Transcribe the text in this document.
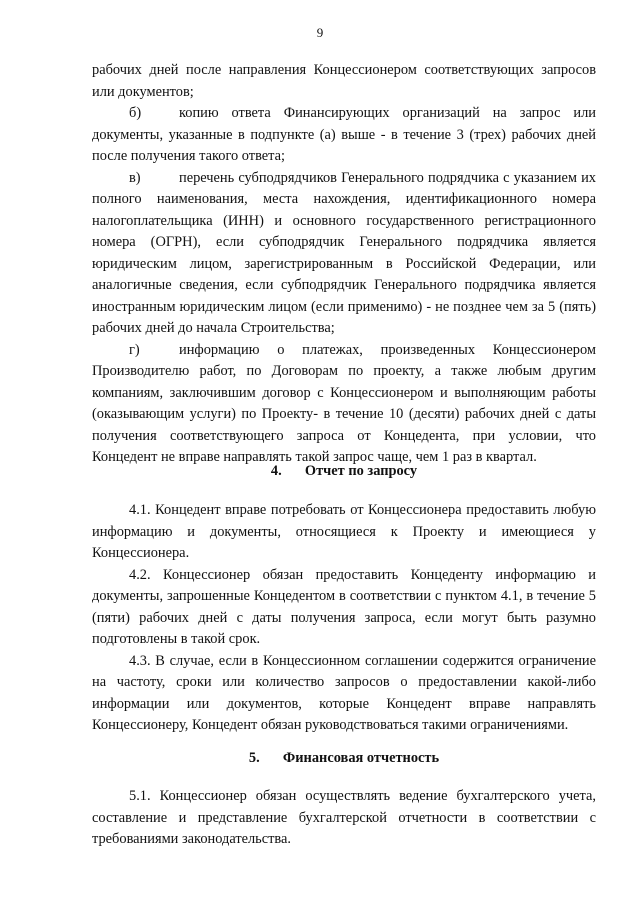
9

рабочих дней после направления Концессионером соответствующих запросов или документов;

б)	копию ответа Финансирующих организаций на запрос или документы, указанные в подпункте (а) выше - в течение 3 (трех) рабочих дней после получения такого ответа;

в)	перечень субподрядчиков Генерального подрядчика с указанием их полного наименования, места нахождения, идентификационного номера налогоплательщика (ИНН) и основного государственного регистрационного номера (ОГРН), если субподрядчик Генерального подрядчика является юридическим лицом, зарегистрированным в Российской Федерации, или аналогичные сведения, если субподрядчик Генерального подрядчика является иностранным юридическим лицом (если применимо) - не позднее чем за 5 (пять) рабочих дней до начала Строительства;

г)	информацию о платежах, произведенных Концессионером Производителю работ, по Договорам по проекту, а также любым другим компаниям, заключившим договор с Концессионером и выполняющим работы (оказывающим услуги) по Проекту- в течение 10 (десяти) рабочих дней с даты получения соответствующего запроса от Концедента, при условии, что Концедент не вправе направлять такой запрос чаще, чем 1 раз в квартал.

4. Отчет по запросу

4.1. Концедент вправе потребовать от Концессионера предоставить любую информацию и документы, относящиеся к Проекту и имеющиеся у Концессионера.

4.2. Концессионер обязан предоставить Концеденту информацию и документы, запрошенные Концедентом в соответствии с пунктом 4.1, в течение 5 (пяти) рабочих дней с даты получения запроса, если могут быть разумно подготовлены в такой срок.

4.3. В случае, если в Концессионном соглашении содержится ограничение на частоту, сроки или количество запросов о предоставлении какой-либо информации или документов, которые Концедент вправе направлять Концессионеру, Концедент обязан руководствоваться такими ограничениями.

5. Финансовая отчетность

5.1. Концессионер обязан осуществлять ведение бухгалтерского учета, составление и представление бухгалтерской отчетности в соответствии с требованиями законодательства.
